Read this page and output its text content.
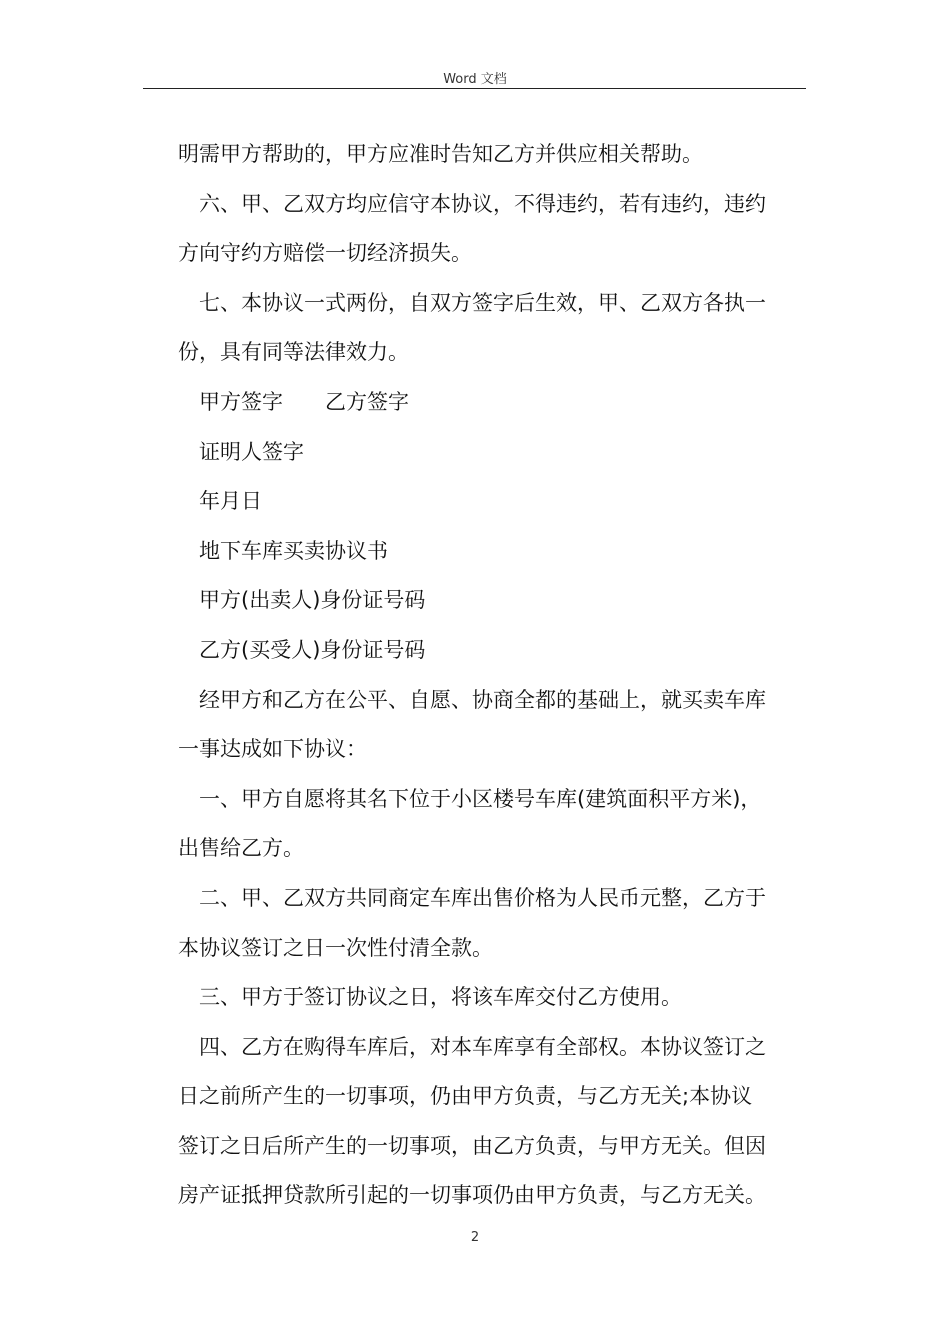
Word 文档
明需甲方帮助的，甲方应准时告知乙方并供应相关帮助。
六、甲、乙双方均应信守本协议，不得违约，若有违约，违约
方向守约方赔偿一切经济损失。
七、本协议一式两份，自双方签字后生效，甲、乙双方各执一
份，具有同等法律效力。
甲方签字 乙方签字
证明人签字
年月日
地下车库买卖协议书
甲方(出卖人)身份证号码
乙方(买受人)身份证号码
经甲方和乙方在公平、自愿、协商全都的基础上，就买卖车库
一事达成如下协议：
一、甲方自愿将其名下位于小区楼号车库(建筑面积平方米)，
出售给乙方。
二、甲、乙双方共同商定车库出售价格为人民币元整，乙方于
本协议签订之日一次性付清全款。
三、甲方于签订协议之日，将该车库交付乙方使用。
四、乙方在购得车库后，对本车库享有全部权。本协议签订之
日之前所产生的一切事项，仍由甲方负责，与乙方无关;本协议
签订之日后所产生的一切事项，由乙方负责，与甲方无关。但因
房产证抵押贷款所引起的一切事项仍由甲方负责，与乙方无关。
2
